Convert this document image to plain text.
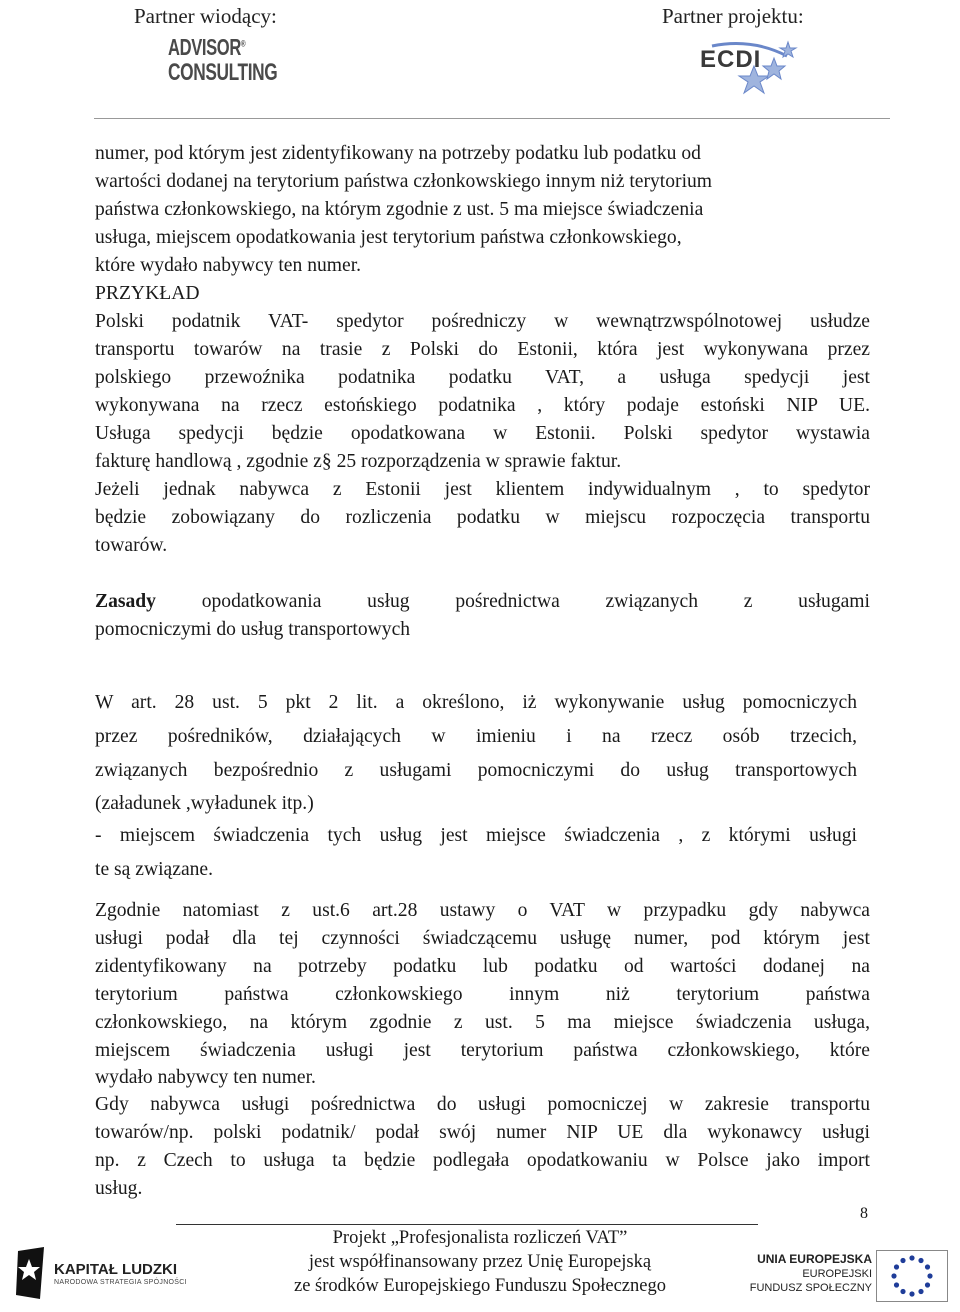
Partner wiodący:	Partner projektu:
ADVISOR®
CONSULTING	ECDI
numer, pod którym jest zidentyfikowany na potrzeby podatku lub podatku od
wartości dodanej na terytorium państwa członkowskiego innym niż terytorium
państwa członkowskiego, na którym zgodnie z ust. 5 ma miejsce świadczenia
usługa, miejscem opodatkowania jest terytorium państwa członkowskiego,
które wydało nabywcy ten numer.
PRZYKŁAD
Polski podatnik VAT- spedytor pośredniczy w wewnątrzwspólnotowej usłudze
transportu towarów na trasie z Polski do Estonii, która jest wykonywana przez
polskiego przewoźnika podatnika podatku VAT, a usługa spedycji jest
wykonywana na rzecz estońskiego podatnika , który podaje estoński NIP UE.
Usługa spedycji będzie opodatkowana w Estonii. Polski spedytor wystawia
fakturę handlową , zgodnie z§ 25 rozporządzenia w sprawie faktur.
Jeżeli jednak nabywca z Estonii jest klientem indywidualnym , to spedytor
będzie zobowiązany do rozliczenia podatku w miejscu rozpoczęcia transportu
towarów.
Zasady opodatkowania usług pośrednictwa związanych z usługami
pomocniczymi do usług transportowych
W art. 28 ust. 5 pkt 2 lit. a określono, iż wykonywanie usług pomocniczych
przez pośredników, działających w imieniu i na rzecz osób trzecich,
związanych bezpośrednio z usługami pomocniczymi do usług transportowych
(załadunek ,wyładunek itp.)
- miejscem świadczenia tych usług jest miejsce świadczenia , z którymi usługi
te są związane.
Zgodnie natomiast z ust.6 art.28 ustawy o VAT w przypadku gdy nabywca
usługi podał dla tej czynności świadczącemu usługę numer, pod którym jest
zidentyfikowany na potrzeby podatku lub podatku od wartości dodanej na
terytorium państwa członkowskiego innym niż terytorium państwa
członkowskiego, na którym zgodnie z ust. 5 ma miejsce świadczenia usługa,
miejscem świadczenia usługi jest terytorium państwa członkowskiego, które
wydało nabywcy ten numer.
Gdy nabywca usługi pośrednictwa do usługi pomocniczej w zakresie transportu
towarów/np. polski podatnik/ podał swój numer NIP UE dla wykonawcy usługi
np. z Czech to usługa ta będzie podlegała opodatkowaniu w Polsce jako import
usług.
8
Projekt „Profesjonalista rozliczeń VAT”
jest współfinansowany przez Unię Europejską
ze środków Europejskiego Funduszu Społecznego
KAPITAŁ LUDZKI
NARODOWA STRATEGIA SPÓJNOŚCI
UNIA EUROPEJSKA
EUROPEJSKI
FUNDUSZ SPOŁECZNY
